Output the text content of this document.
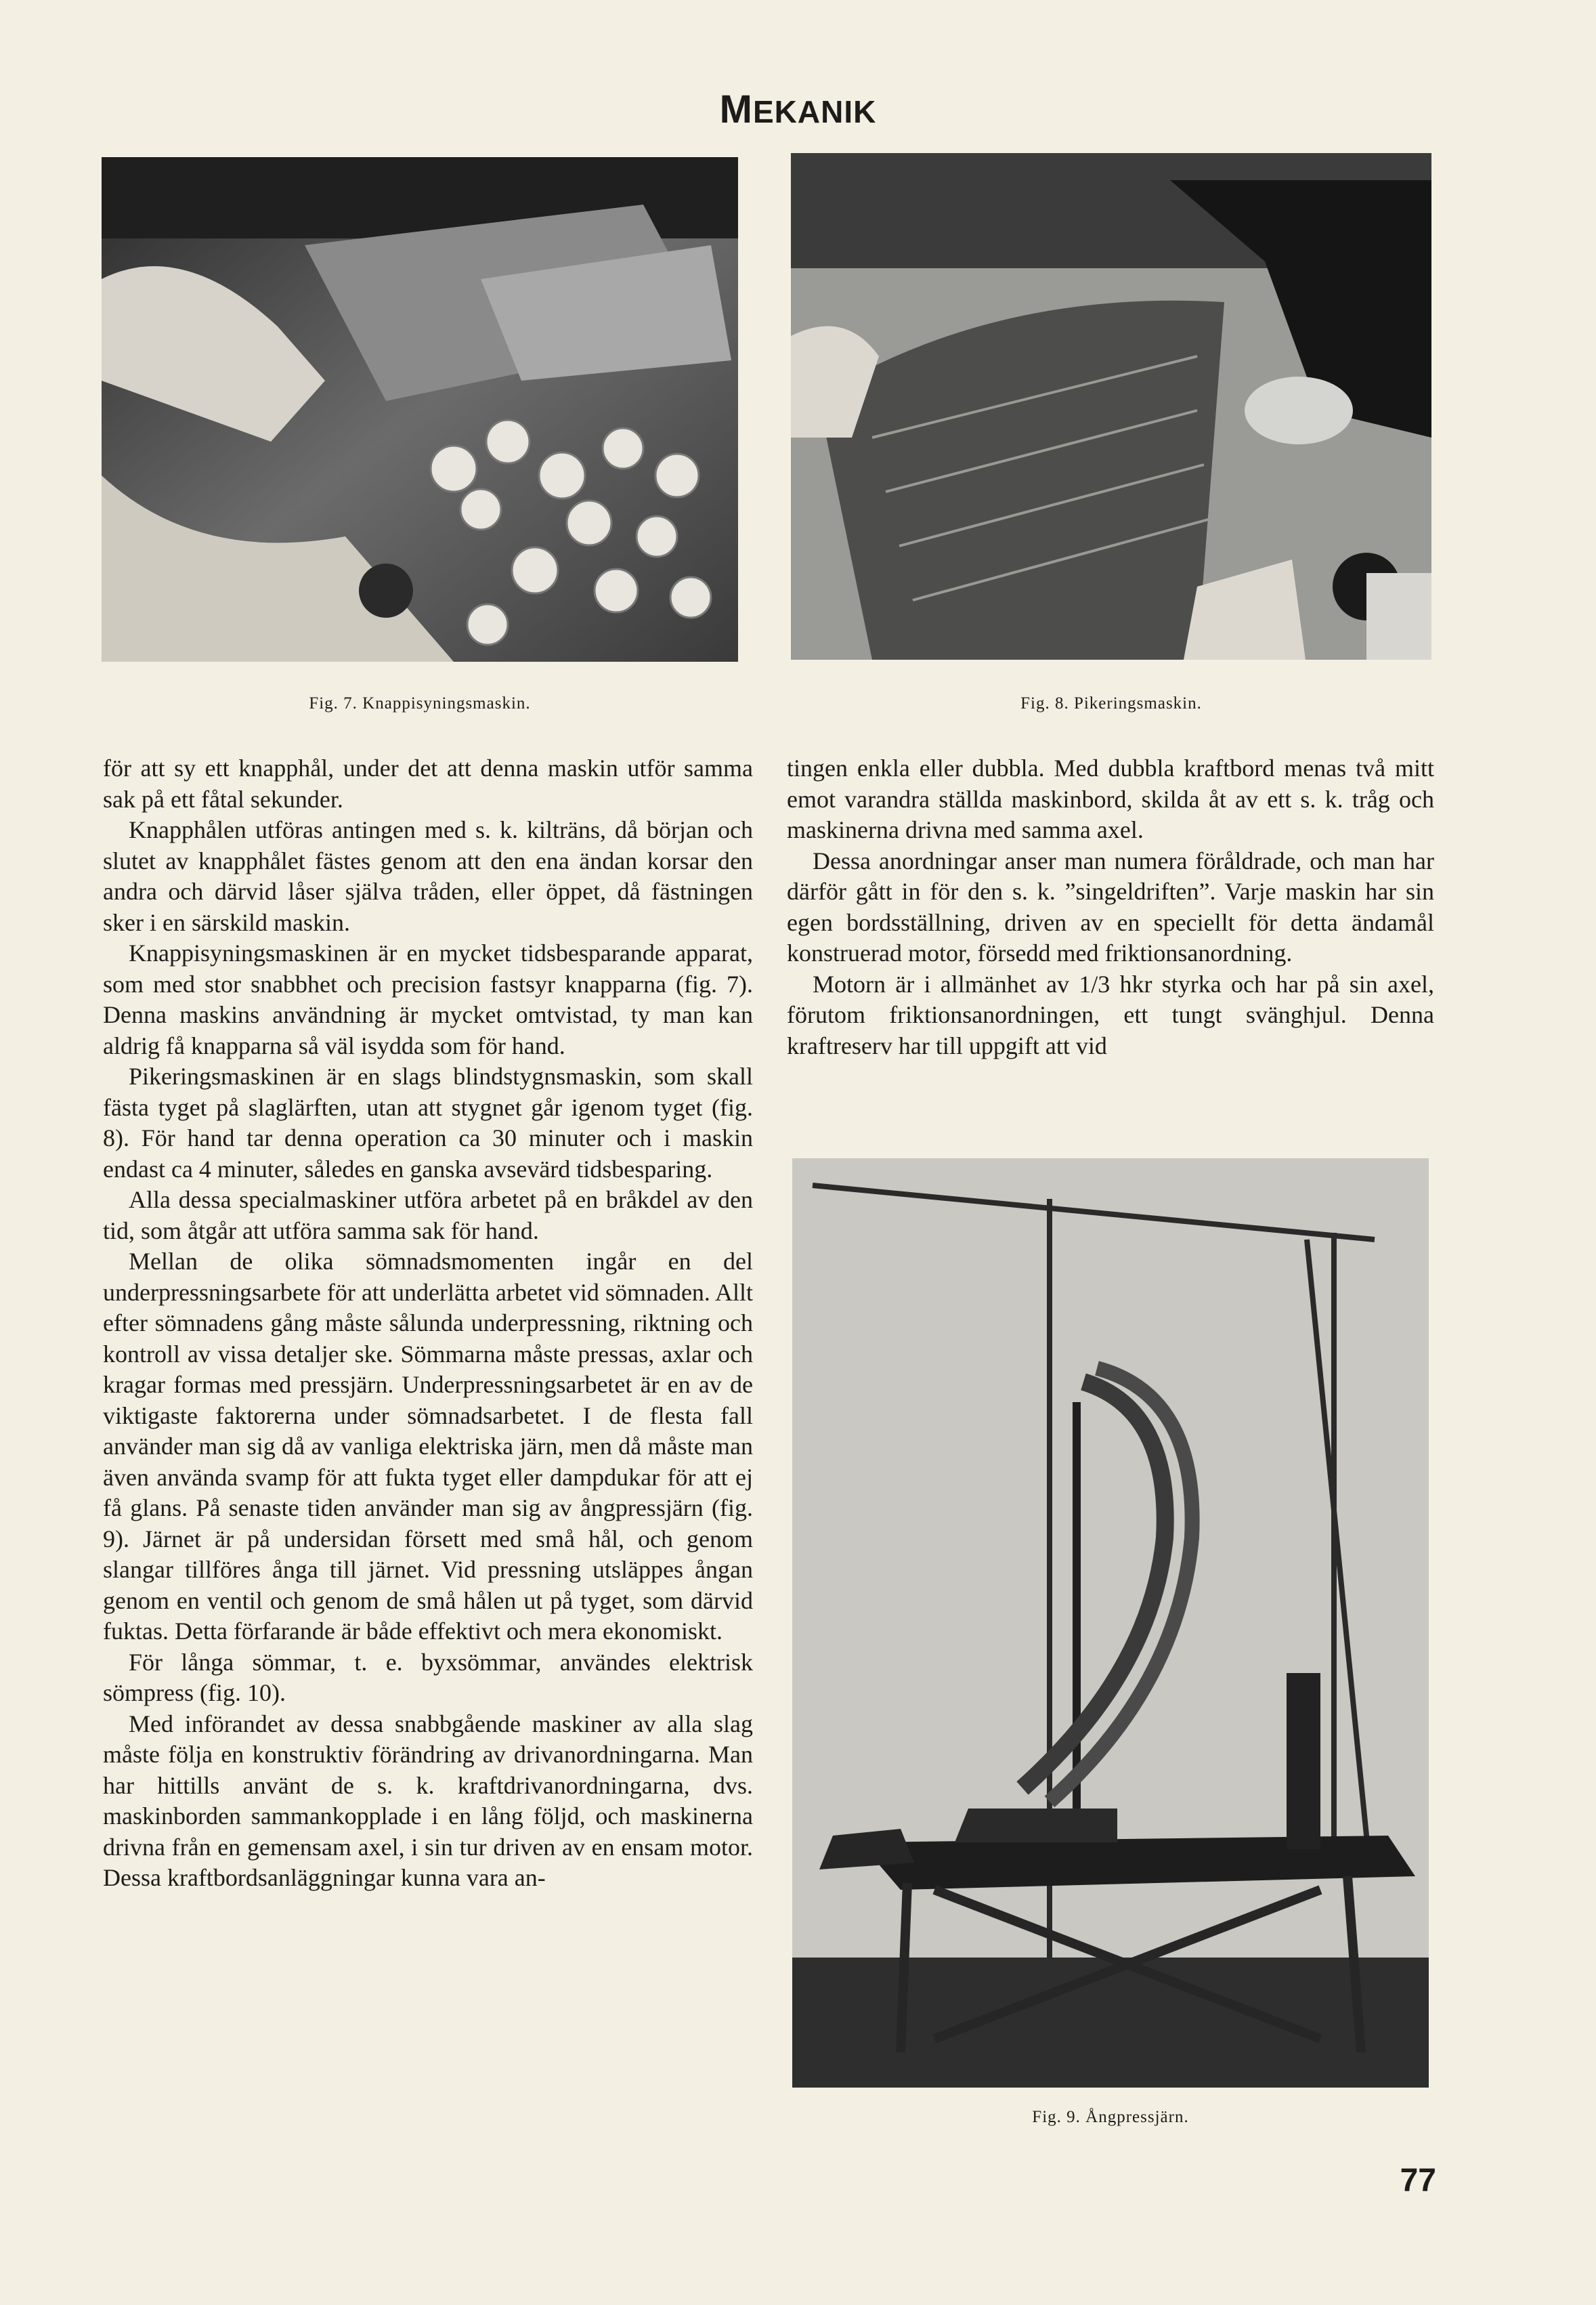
MEKANIK
Fig. 7. Knappisyningsmaskin.	Fig. 8. Pikeringsmaskin.

för att sy ett knapphål, under det att denna maskin utför samma sak på ett fåtal sekunder.

Knapphålen utföras antingen med s. k. kilträns, då början och slutet av knapphålet fästes genom att den ena ändan korsar den andra och därvid låser själva tråden, eller öppet, då fästningen sker i en särskild maskin.

Knappisyningsmaskinen är en mycket tidsbesparande apparat, som med stor snabbhet och precision fastsyr knapparna (fig. 7). Denna maskins användning är mycket omtvistad, ty man kan aldrig få knapparna så väl isydda som för hand.

Pikeringsmaskinen är en slags blindstygnsmaskin, som skall fästa tyget på slaglärften, utan att stygnet går igenom tyget (fig. 8). För hand tar denna operation ca 30 minuter och i maskin endast ca 4 minuter, således en ganska avsevärd tidsbesparing.

Alla dessa specialmaskiner utföra arbetet på en bråkdel av den tid, som åtgår att utföra samma sak för hand.

Mellan de olika sömnadsmomenten ingår en del underpressningsarbete för att underlätta arbetet vid sömnaden. Allt efter sömnadens gång måste sålunda underpressning, riktning och kontroll av vissa detaljer ske. Sömmarna måste pressas, axlar och kragar formas med pressjärn. Underpressningsarbetet är en av de viktigaste faktorerna under sömnadsarbetet. I de flesta fall använder man sig då av vanliga elektriska järn, men då måste man även använda svamp för att fukta tyget eller dampdukar för att ej få glans. På senaste tiden använder man sig av ångpressjärn (fig. 9). Järnet är på undersidan försett med små hål, och genom slangar tillföres ånga till järnet. Vid pressning utsläppes ångan genom en ventil och genom de små hålen ut på tyget, som därvid fuktas. Detta förfarande är både effektivt och mera ekonomiskt.

För långa sömmar, t. e. byxsömmar, användes elektrisk sömpress (fig. 10).

Med införandet av dessa snabbgående maskiner av alla slag måste följa en konstruktiv förändring av drivanordningarna. Man har hittills använt de s. k. kraftdrivanordningarna, dvs. maskinborden sammankopplade i en lång följd, och maskinerna drivna från en gemensam axel, i sin tur driven av en ensam motor. Dessa kraftbordsanläggningar kunna vara an-

tingen enkla eller dubbla. Med dubbla kraftbord menas två mitt emot varandra ställda maskinbord, skilda åt av ett s. k. tråg och maskinerna drivna med samma axel.

Dessa anordningar anser man numera föråldrade, och man har därför gått in för den s. k. ”singeldriften”. Varje maskin har sin egen bordsställning, driven av en speciellt för detta ändamål konstruerad motor, försedd med friktionsanordning.

Motorn är i allmänhet av 1/3 hkr styrka och har på sin axel, förutom friktionsanordningen, ett tungt svänghjul. Denna kraftreserv har till uppgift att vid

Fig. 9. Ångpressjärn.
77
